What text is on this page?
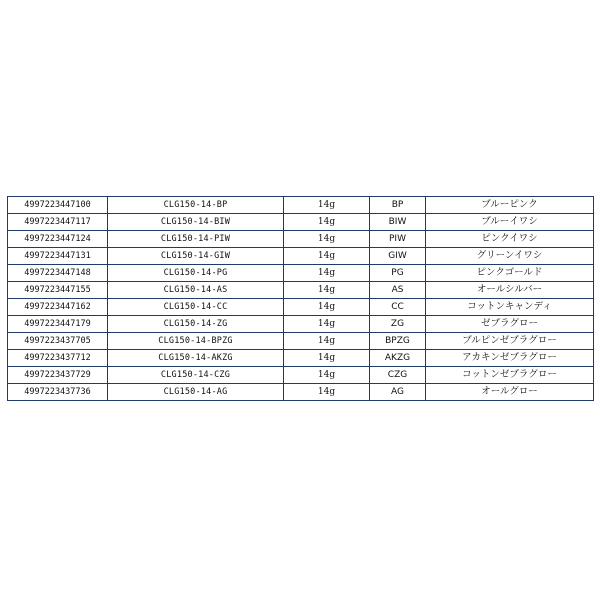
4997223447100	CLG150-14-BP	14g	BP	ブルーピンク
4997223447117	CLG150-14-BIW	14g	BIW	ブルーイワシ
4997223447124	CLG150-14-PIW	14g	PIW	ピンクイワシ
4997223447131	CLG150-14-GIW	14g	GIW	グリーンイワシ
4997223447148	CLG150-14-PG	14g	PG	ピンクゴールド
4997223447155	CLG150-14-AS	14g	AS	オールシルバー
4997223447162	CLG150-14-CC	14g	CC	コットンキャンディ
4997223447179	CLG150-14-ZG	14g	ZG	ゼブラグロー
4997223437705	CLG150-14-BPZG	14g	BPZG	ブルピンゼブラグロー
4997223437712	CLG150-14-AKZG	14g	AKZG	アカキンゼブラグロー
4997223437729	CLG150-14-CZG	14g	CZG	コットンゼブラグロー
4997223437736	CLG150-14-AG	14g	AG	オールグロー
